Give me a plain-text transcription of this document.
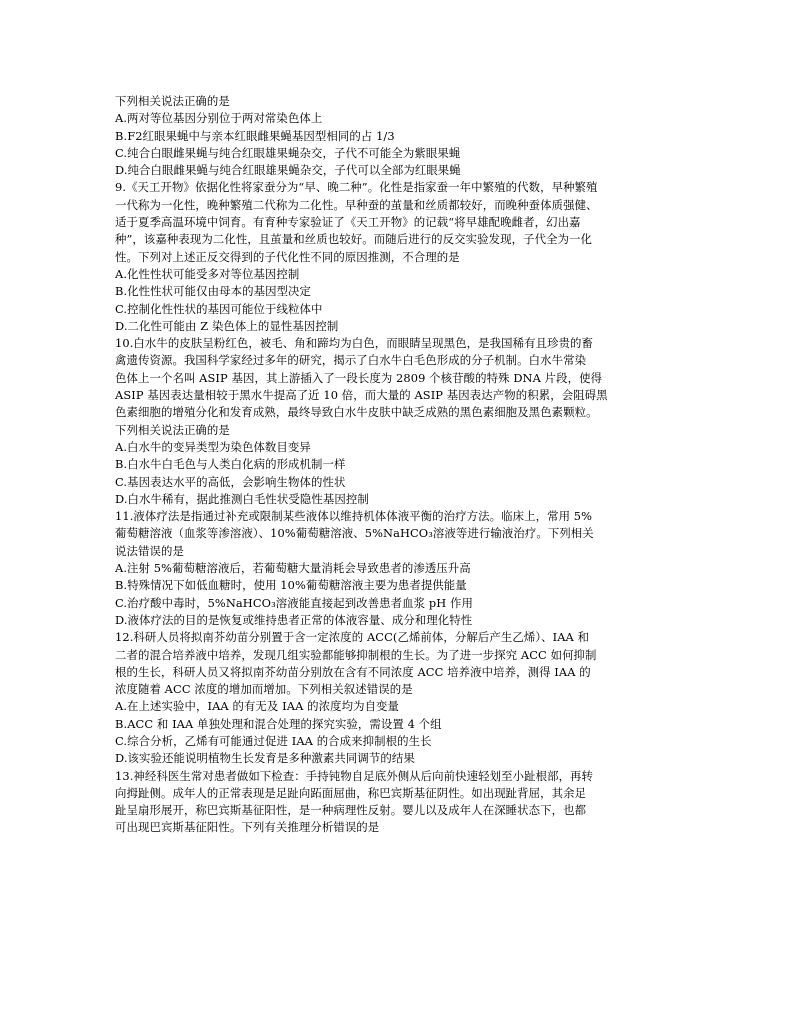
下列相关说法正确的是
A.两对等位基因分别位于两对常染色体上
B.F2红眼果蝇中与亲本红眼雌果蝇基因型相同的占 1/3
C.纯合白眼雌果蝇与纯合红眼雄果蝇杂交，子代不可能全为紫眼果蝇
D.纯合白眼雌果蝇与纯合红眼雄果蝇杂交，子代可以全部为红眼果蝇
9.《天工开物》依据化性将家蚕分为“早、晚二种”。化性是指家蚕一年中繁殖的代数，早种繁殖
一代称为一化性，晚种繁殖二代称为二化性。早种蚕的茧量和丝质都较好，而晚种蚕体质强健、
适于夏季高温环境中饲育。有育种专家验证了《天工开物》的记载“将早雄配晚雌者，幻出嘉
种”，该嘉种表现为二化性，且茧量和丝质也较好。而随后进行的反交实验发现，子代全为一化
性。下列对上述正反交得到的子代化性不同的原因推测，不合理的是
A.化性性状可能受多对等位基因控制
B.化性性状可能仅由母本的基因型决定
C.控制化性性状的基因可能位于线粒体中
D.二化性可能由 Z 染色体上的显性基因控制
10.白水牛的皮肤呈粉红色，被毛、角和蹄均为白色，而眼睛呈现黑色，是我国稀有且珍贵的畜
禽遗传资源。我国科学家经过多年的研究，揭示了白水牛白毛色形成的分子机制。白水牛常染
色体上一个名叫 ASIP 基因，其上游插入了一段长度为 2809 个核苷酸的特殊 DNA 片段，使得
ASIP 基因表达量相较于黑水牛提高了近 10 倍，而大量的 ASIP 基因表达产物的积累，会阻碍黑
色素细胞的增殖分化和发育成熟，最终导致白水牛皮肤中缺乏成熟的黑色素细胞及黑色素颗粒。
下列相关说法正确的是
A.白水牛的变异类型为染色体数目变异
B.白水牛白毛色与人类白化病的形成机制一样
C.基因表达水平的高低，会影响生物体的性状
D.白水牛稀有，据此推测白毛性状受隐性基因控制
11.液体疗法是指通过补充或限制某些液体以维持机体体液平衡的治疗方法。临床上，常用 5%
葡萄糖溶液（血浆等渗溶液）、10%葡萄糖溶液、5%NaHCO₃溶液等进行输液治疗。下列相关
说法错误的是
A.注射 5%葡萄糖溶液后，若葡萄糖大量消耗会导致患者的渗透压升高
B.特殊情况下如低血糖时，使用 10%葡萄糖溶液主要为患者提供能量
C.治疗酸中毒时，5%NaHCO₃溶液能直接起到改善患者血浆 pH 作用
D.液体疗法的目的是恢复或维持患者正常的体液容量、成分和理化特性
12.科研人员将拟南芥幼苗分别置于含一定浓度的 ACC(乙烯前体，分解后产生乙烯）、IAA 和
二者的混合培养液中培养，发现几组实验都能够抑制根的生长。为了进一步探究 ACC 如何抑制
根的生长，科研人员又将拟南芥幼苗分别放在含有不同浓度 ACC 培养液中培养，测得 IAA 的
浓度随着 ACC 浓度的增加而增加。下列相关叙述错误的是
A.在上述实验中，IAA 的有无及 IAA 的浓度均为自变量
B.ACC 和 IAA 单独处理和混合处理的探究实验，需设置 4 个组
C.综合分析，乙烯有可能通过促进 IAA 的合成来抑制根的生长
D.该实验还能说明植物生长发育是多种激素共同调节的结果
13.神经科医生常对患者做如下检查：手持钝物自足底外侧从后向前快速轻划至小趾根部，再转
向拇趾侧。成年人的正常表现是足趾向跖面屈曲，称巴宾斯基征阴性。如出现趾背屈，其余足
趾呈扇形展开，称巴宾斯基征阳性，是一种病理性反射。婴儿以及成年人在深睡状态下，也都
可出现巴宾斯基征阳性。下列有关推理分析错误的是
